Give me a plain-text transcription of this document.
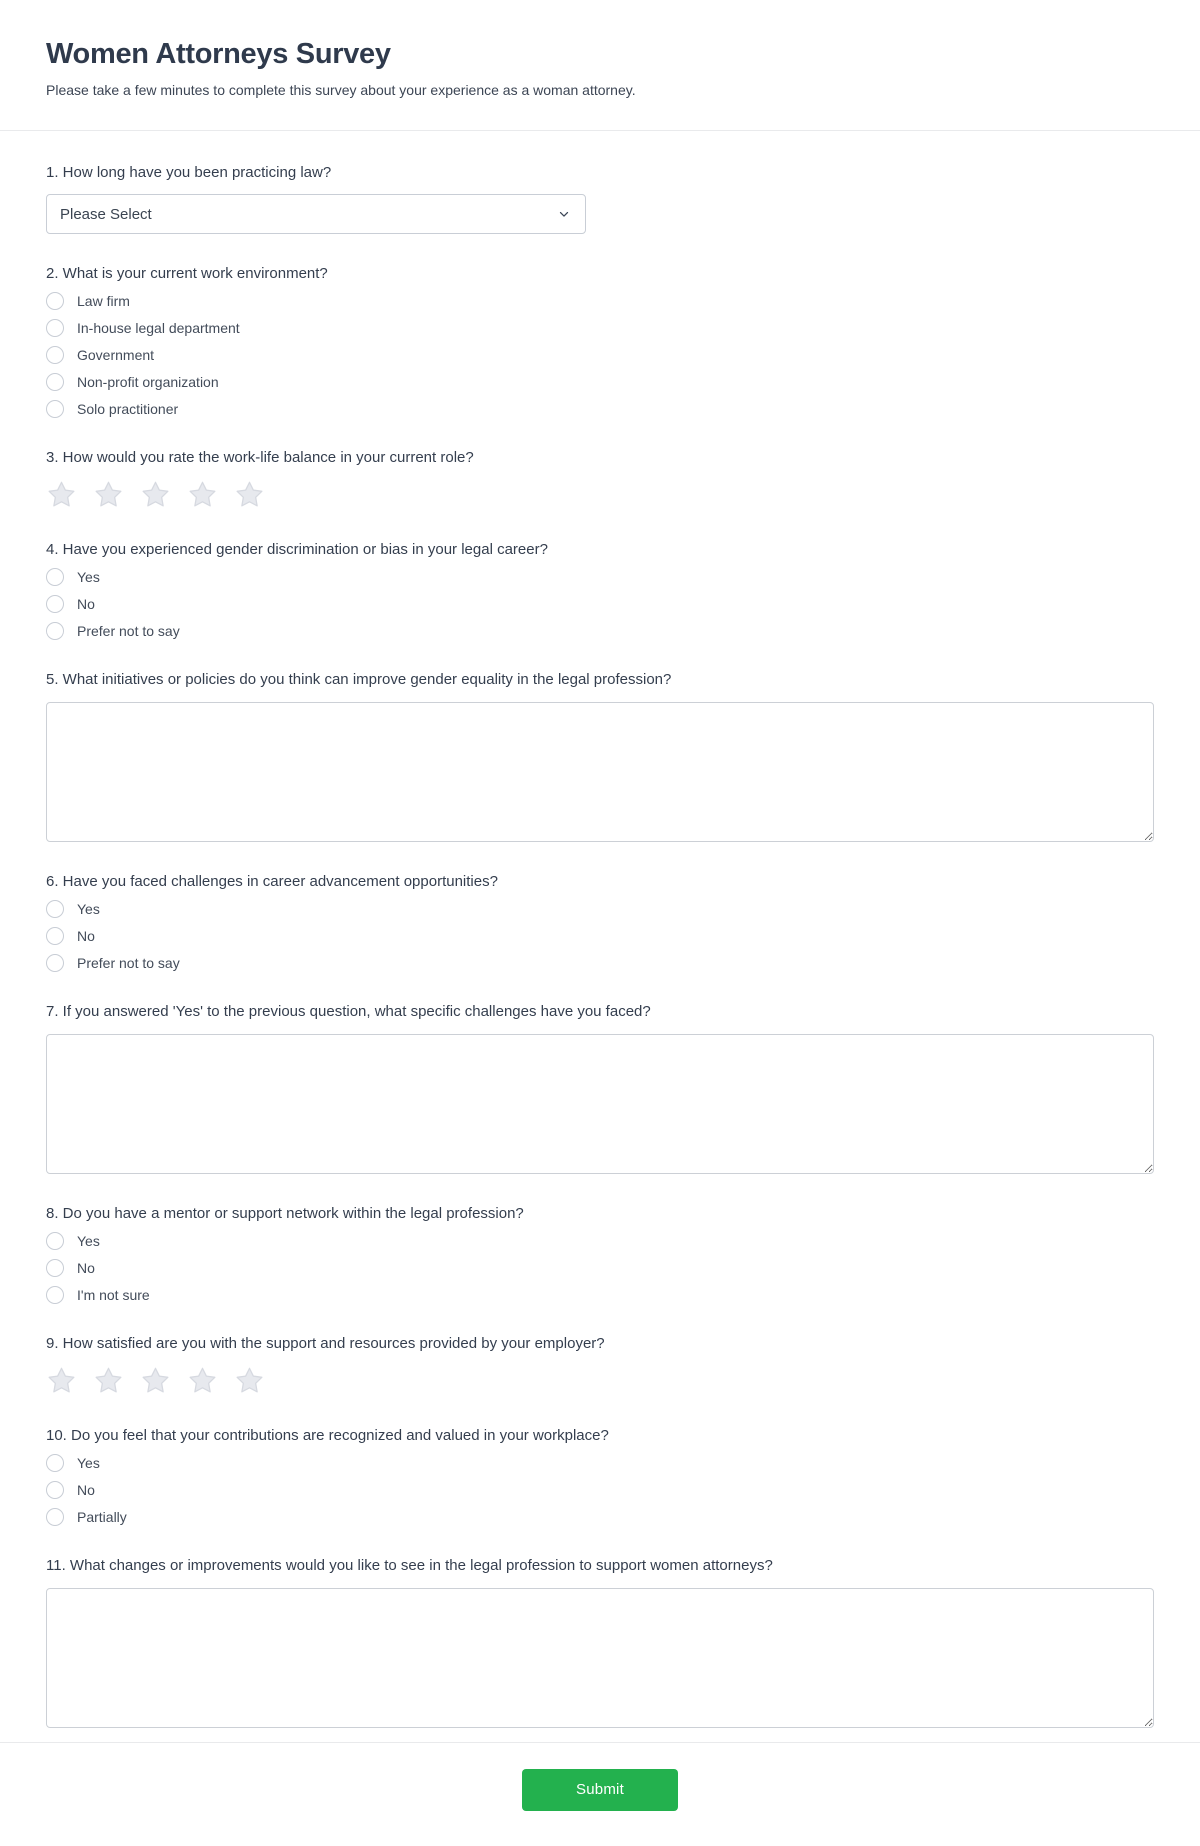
Women Attorneys Survey
Please take a few minutes to complete this survey about your experience as a woman attorney.
1. How long have you been practicing law?
Please Select
2. What is your current work environment?
Law firm
In-house legal department
Government
Non-profit organization
Solo practitioner
3. How would you rate the work-life balance in your current role?
4. Have you experienced gender discrimination or bias in your legal career?
Yes
No
Prefer not to say
5. What initiatives or policies do you think can improve gender equality in the legal profession?
6. Have you faced challenges in career advancement opportunities?
Yes
No
Prefer not to say
7. If you answered 'Yes' to the previous question, what specific challenges have you faced?
8. Do you have a mentor or support network within the legal profession?
Yes
No
I'm not sure
9. How satisfied are you with the support and resources provided by your employer?
10. Do you feel that your contributions are recognized and valued in your workplace?
Yes
No
Partially
11. What changes or improvements would you like to see in the legal profession to support women attorneys?
Submit
